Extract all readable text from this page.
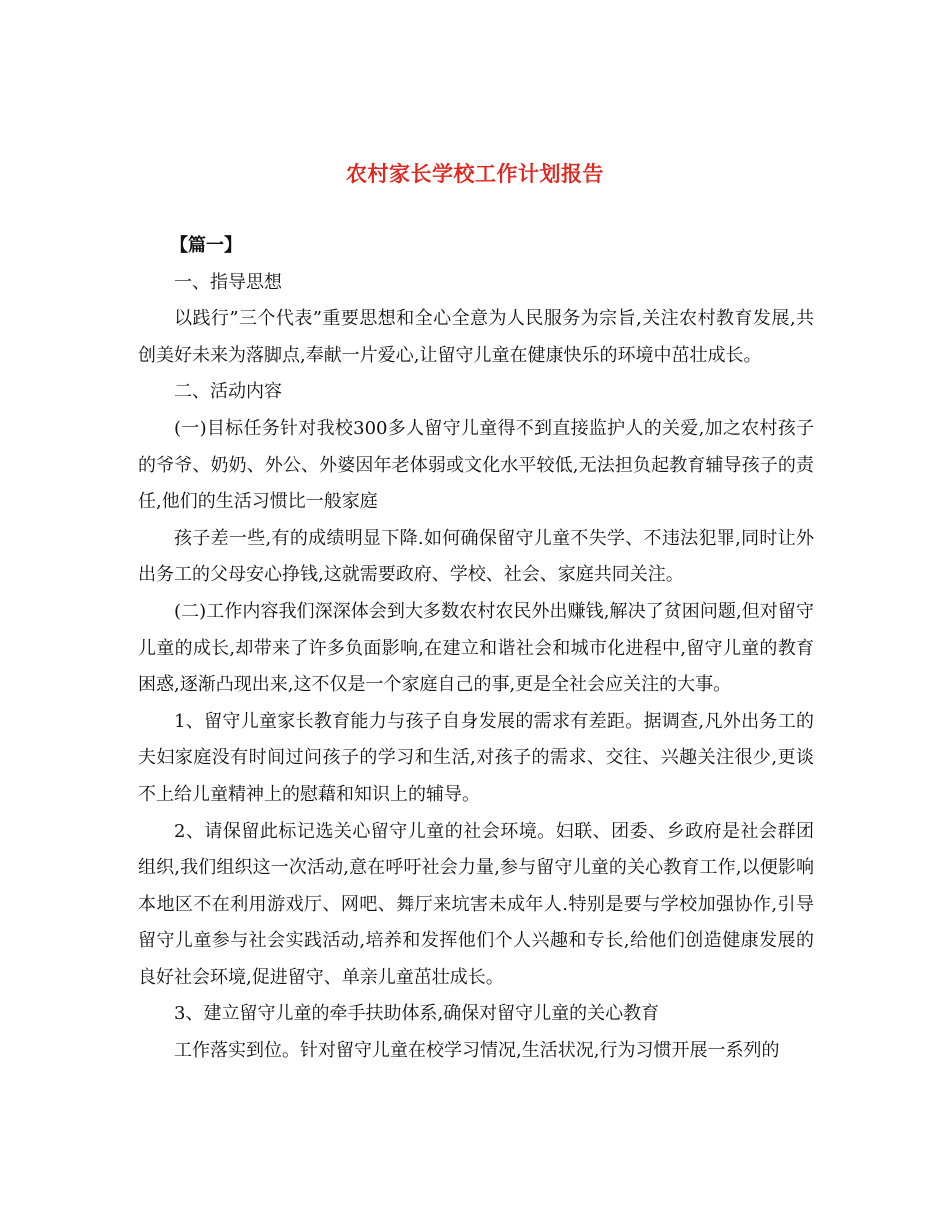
农村家长学校工作计划报告

【篇一】

一、指导思想

以践行”三个代表”重要思想和全心全意为人民服务为宗旨,关注农村教育发展,共创美好未来为落脚点,奉献一片爱心,让留守儿童在健康快乐的环境中茁壮成长。

二、活动内容

(一)目标任务针对我校300多人留守儿童得不到直接监护人的关爱,加之农村孩子的爷爷、奶奶、外公、外婆因年老体弱或文化水平较低,无法担负起教育辅导孩子的责任,他们的生活习惯比一般家庭

孩子差一些,有的成绩明显下降.如何确保留守儿童不失学、不违法犯罪,同时让外出务工的父母安心挣钱,这就需要政府、学校、社会、家庭共同关注。

(二)工作内容我们深深体会到大多数农村农民外出赚钱,解决了贫困问题,但对留守儿童的成长,却带来了许多负面影响,在建立和谐社会和城市化进程中,留守儿童的教育困惑,逐渐凸现出来,这不仅是一个家庭自己的事,更是全社会应关注的大事。

1、留守儿童家长教育能力与孩子自身发展的需求有差距。据调查,凡外出务工的夫妇家庭没有时间过问孩子的学习和生活,对孩子的需求、交往、兴趣关注很少,更谈不上给儿童精神上的慰藉和知识上的辅导。

2、请保留此标记选关心留守儿童的社会环境。妇联、团委、乡政府是社会群团组织,我们组织这一次活动,意在呼吁社会力量,参与留守儿童的关心教育工作,以便影响本地区不在利用游戏厅、网吧、舞厅来坑害未成年人.特别是要与学校加强协作,引导留守儿童参与社会实践活动,培养和发挥他们个人兴趣和专长,给他们创造健康发展的良好社会环境,促进留守、单亲儿童茁壮成长。

3、建立留守儿童的牵手扶助体系,确保对留守儿童的关心教育

工作落实到位。针对留守儿童在校学习情况,生活状况,行为习惯开展一系列的
